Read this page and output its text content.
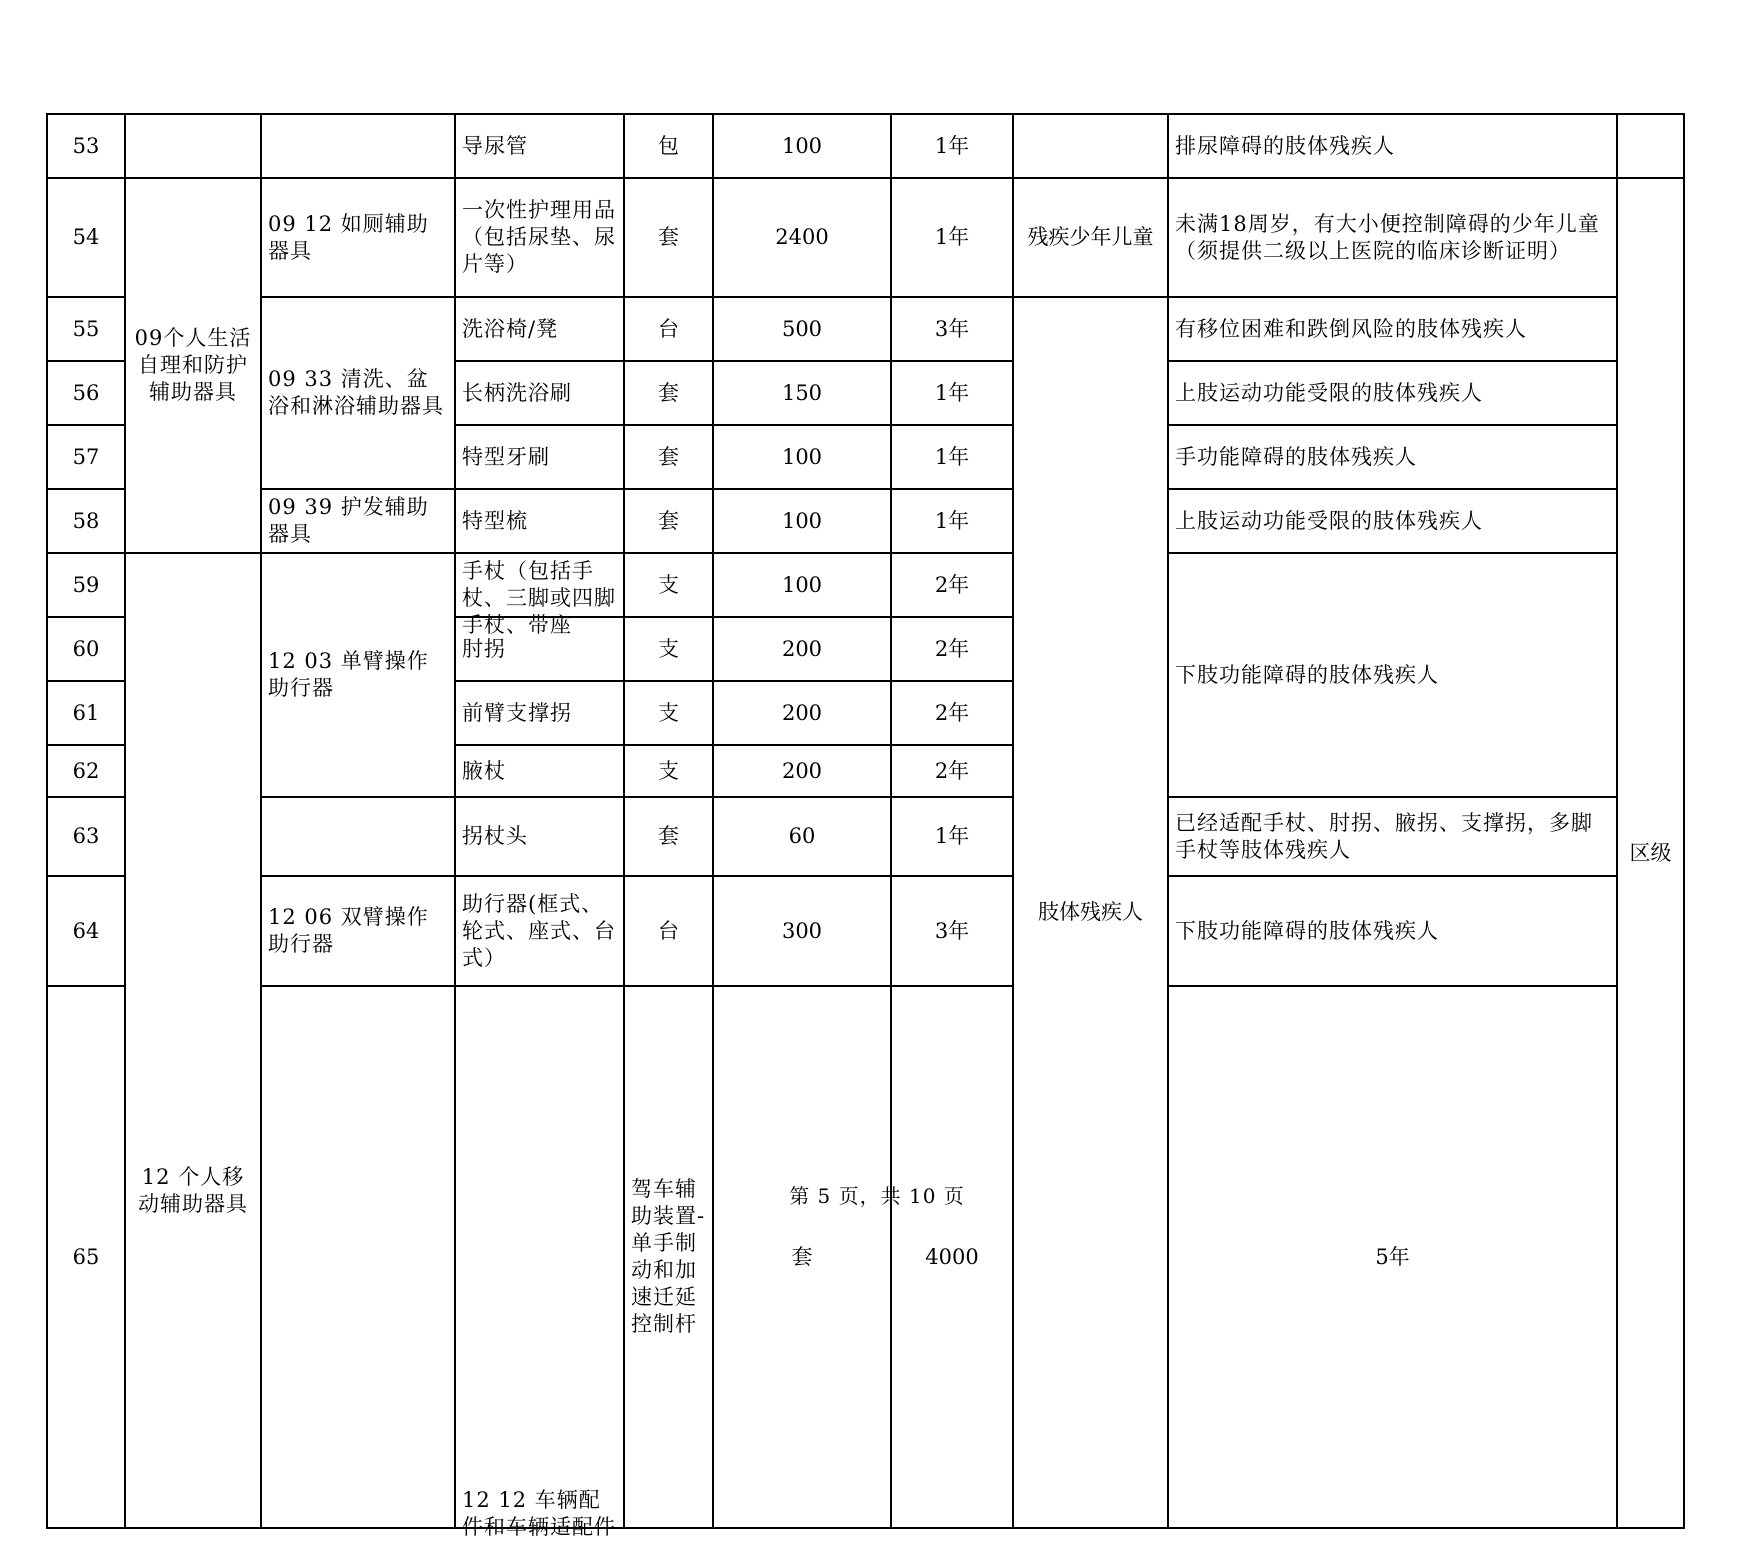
53			导尿管	包	100	1年		排尿障碍的肢体残疾人		
54	09个人生活自理和防护辅助器具	09 12 如厕辅助器具	一次性护理用品（包括尿垫、尿片等）	套	2400	1年	残疾少年儿童	未满18周岁，有大小便控制障碍的少年儿童（须提供二级以上医院的临床诊断证明）	区级	
55		09 33 清洗、盆浴和淋浴辅助器具	洗浴椅/凳	台	500	3年	肢体残疾人	有移位困难和跌倒风险的肢体残疾人		
56			长柄洗浴刷	套	150	1年		上肢运动功能受限的肢体残疾人		
57			特型牙刷	套	100	1年		手功能障碍的肢体残疾人		
58		09 39 护发辅助器具	特型梳	套	100	1年		上肢运动功能受限的肢体残疾人		
59	12 个人移动辅助器具	12 03 单臂操作助行器	手杖（包括手杖、三脚或四脚手杖、带座	支	100	2年		下肢功能障碍的肢体残疾人		
60			肘拐	支	200	2年				
61			前臂支撑拐	支	200	2年				
62			腋杖	支	200	2年				
63			拐杖头	套	60	1年		已经适配手杖、肘拐、腋拐、支撑拐，多脚手杖等肢体残疾人		
64		12 06 双臂操作助行器	助行器(框式、轮式、座式、台式）	台	300	3年		下肢功能障碍的肢体残疾人		
65			12 12 车辆配件和车辆适配件	驾车辅助装置-单手制动和加速迁延控制杆	套	4000		5年	
第 5 页，共 10 页
